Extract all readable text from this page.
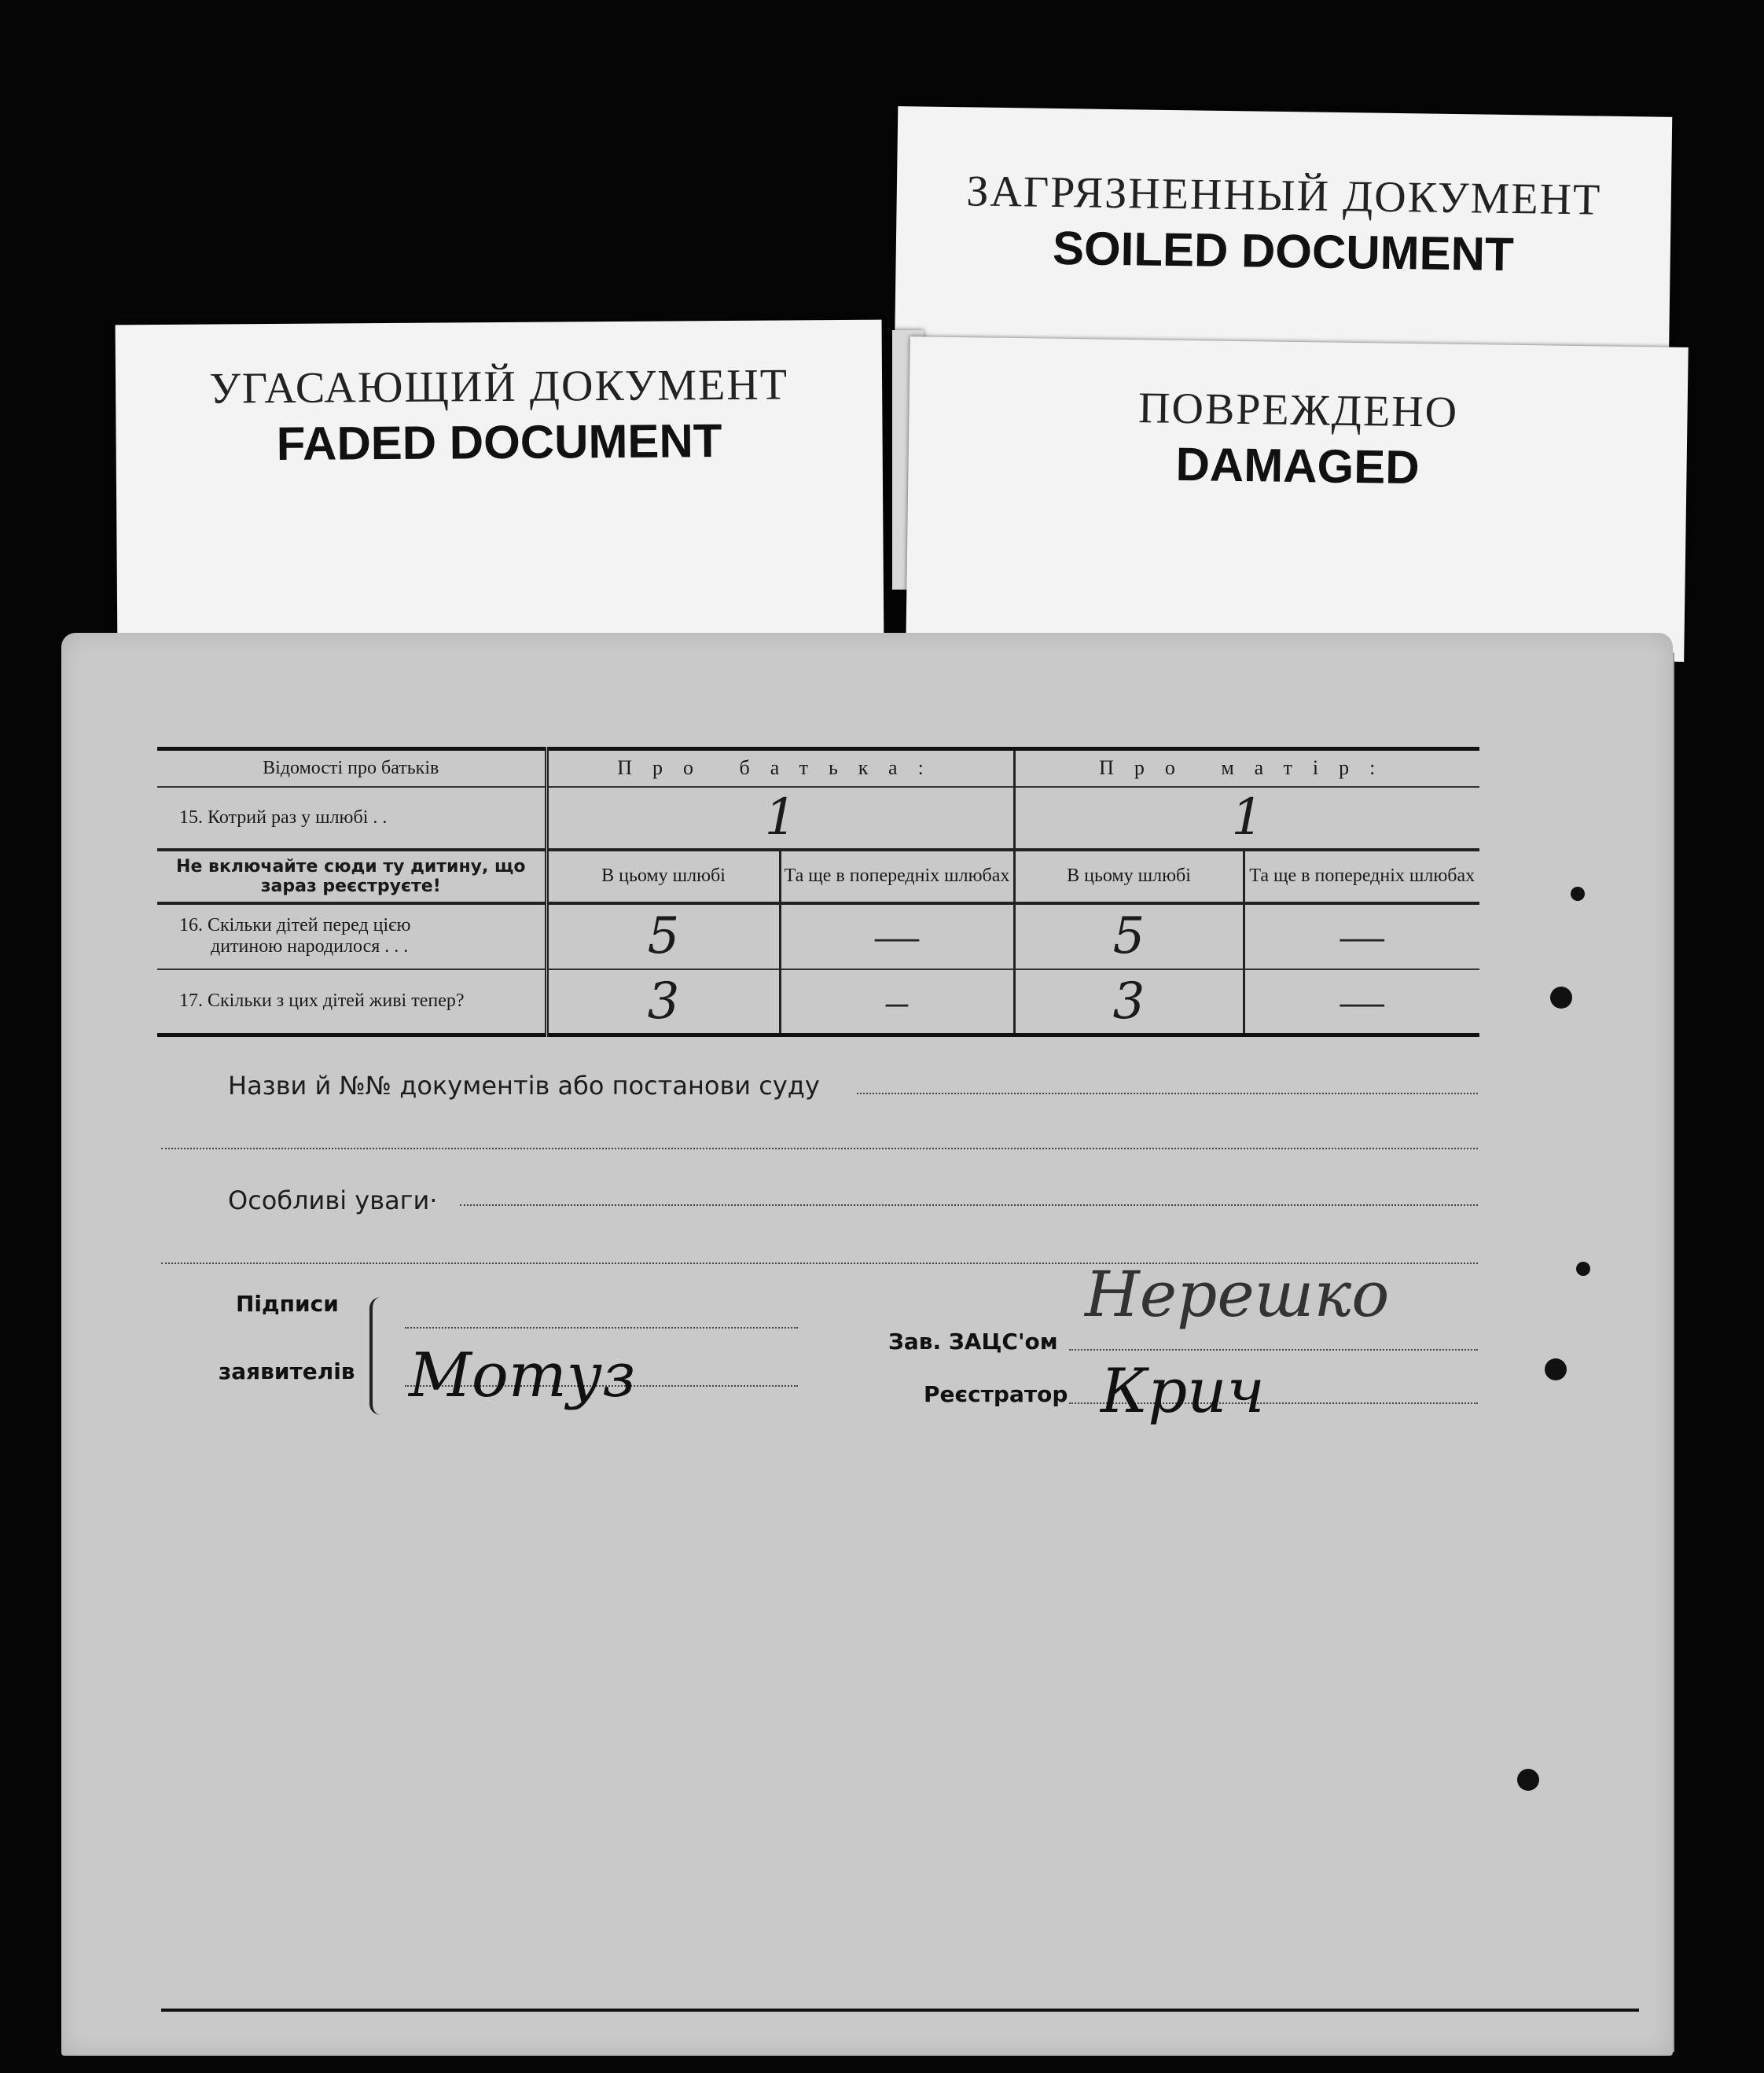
ЗАГРЯЗНЕННЫЙ ДОКУМЕНТ
SOILED DOCUMENT
УГАСАЮЩИЙ ДОКУМЕНТ
FADED DOCUMENT
ПОВРЕЖДЕНО
DAMAGED
Відомості про батьків	Про батька:		Про матір:	
15. Котрий раз у шлюбі . .	1		1	
Не включайте сюди ту дитину, що зараз реєструєте!	В цьому шлюбі	Та ще в попередніх шлюбах	В цьому шлюбі	Та ще в попередніх шлюбах

16. Скільки дітей перед цією
дитиною народилося . . .	5	—	5	—
17. Скільки з цих дітей живі тепер?	3	–	3	—
Назви й №№ документів або постанови суду
Особливі уваги·
Підписи
заявителів Мотуз	Зав. ЗАЦС'ом
Нерешко
Реєстратор Крич
